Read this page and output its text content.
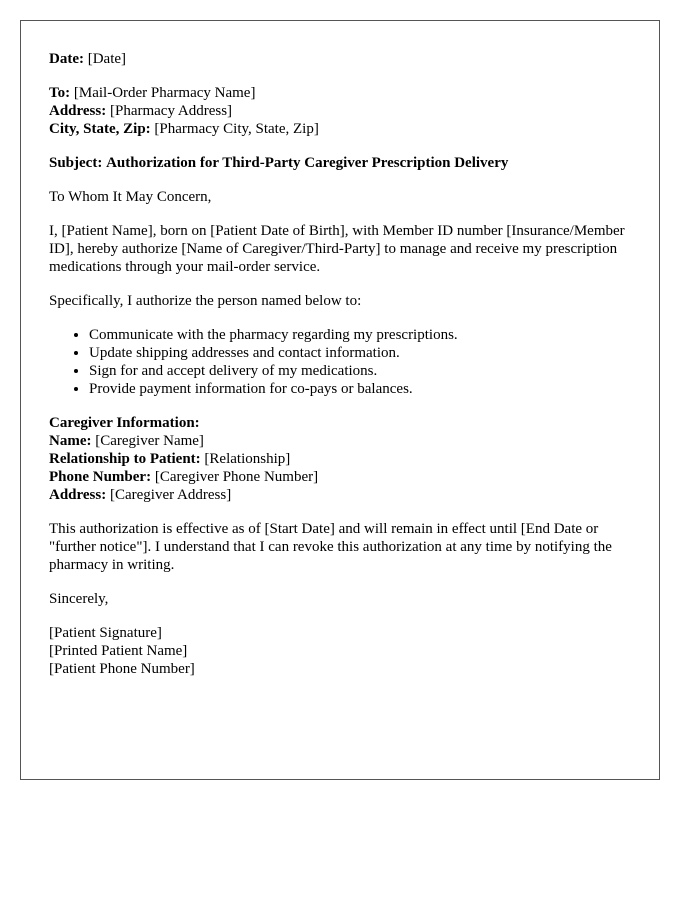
Date: [Date]
To: [Mail-Order Pharmacy Name]
Address: [Pharmacy Address]
City, State, Zip: [Pharmacy City, State, Zip]
Subject: Authorization for Third-Party Caregiver Prescription Delivery
To Whom It May Concern,
I, [Patient Name], born on [Patient Date of Birth], with Member ID number [Insurance/Member ID], hereby authorize [Name of Caregiver/Third-Party] to manage and receive my prescription medications through your mail-order service.
Specifically, I authorize the person named below to:
• Communicate with the pharmacy regarding my prescriptions.
• Update shipping addresses and contact information.
• Sign for and accept delivery of my medications.
• Provide payment information for co-pays or balances.
Caregiver Information:
Name: [Caregiver Name]
Relationship to Patient: [Relationship]
Phone Number: [Caregiver Phone Number]
Address: [Caregiver Address]
This authorization is effective as of [Start Date] and will remain in effect until [End Date or "further notice"]. I understand that I can revoke this authorization at any time by notifying the pharmacy in writing.
Sincerely,
[Patient Signature]
[Printed Patient Name]
[Patient Phone Number]
